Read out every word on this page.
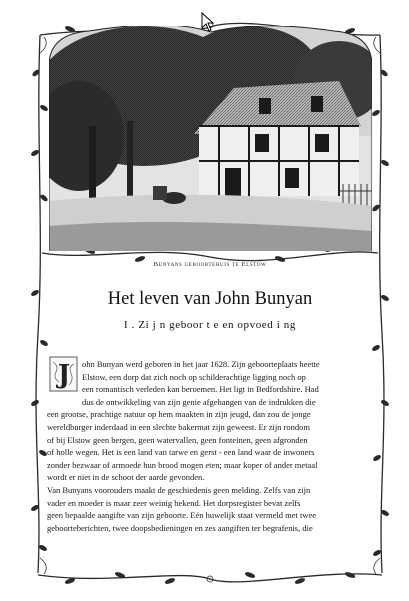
Bunyans geboortehuis te Elstow
Het leven van John Bunyan
I . Zi j n geboor t e en opvoed i ng
J ohn Bunyan werd geboren in het jaar 1628. Zijn geboorteplaats heette
Elstow, een dorp dat zich noch op schilderachtige ligging noch op
een romantisch verleden kan beroemen. Het ligt in Bedfordshire. Had
dus de ontwikkeling van zijn genie afgehangen van de indrukken die
een grootse, prachtige natuur op hem maakten in zijn jeugd, dan zou de jonge
wereldburger inderdaad in een slechte bakermat zijn geweest. Er zijn rondom
of bij Elstow geen bergen, geen watervallen, geen fonteinen, geen afgronden
of holle wegen. Het is een land van tarwe en gerst - een land waar de inwoners
zonder bezwaar of armoede hun brood mogen eten; maar koper of ander metaal
wordt er niet in de schoot der aarde gevonden.
Van Bunyans voorouders maakt de geschiedenis geen melding. Zelfs van zijn
vader en moeder is maar zeer weinig bekend. Het dorpsregister bevat zelfs
geen bepaalde aangifte van zijn geboorte. Eén huwelijk staat vermeld met twee
geboorteberichten, twee doopsbedieningen en zes aangiften ter begrafenis, die
